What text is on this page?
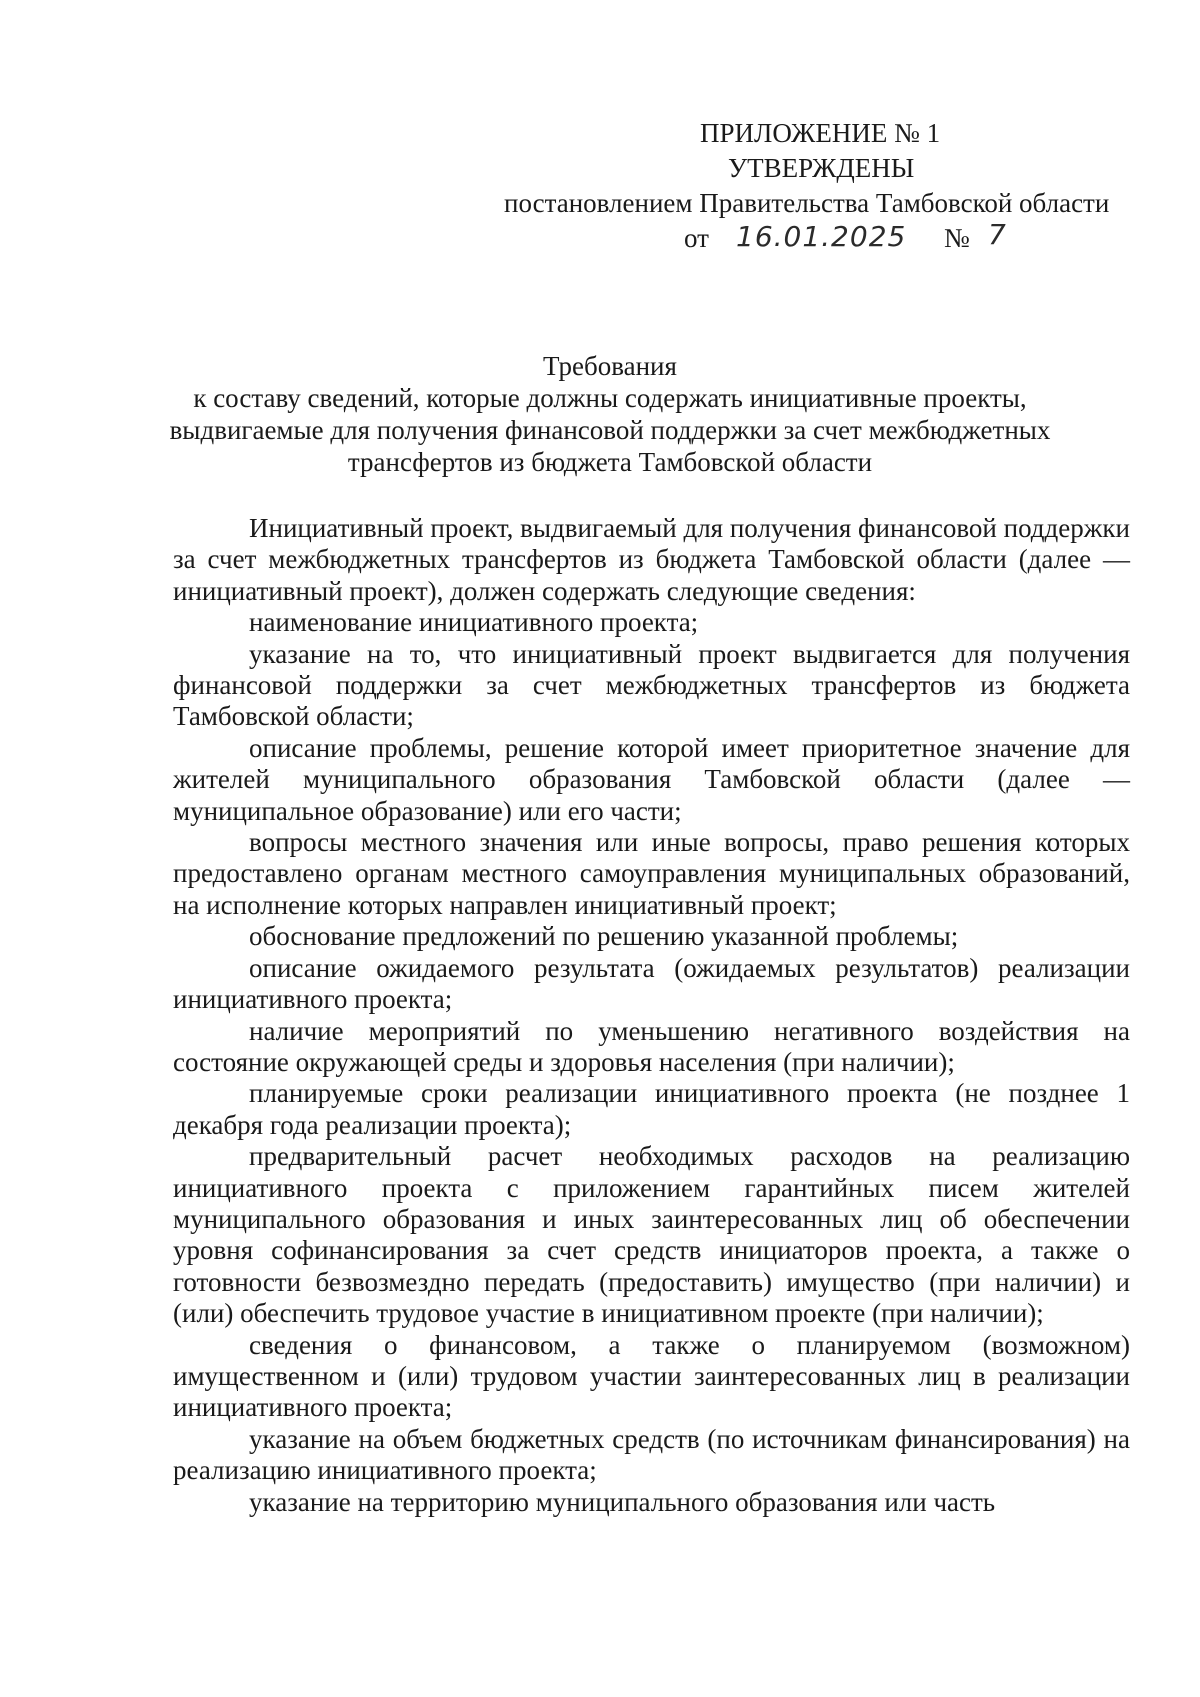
ПРИЛОЖЕНИЕ № 1
УТВЕРЖДЕНЫ
постановлением Правительства Тамбовской области
от 16.01.2025 № 7
Требования
к составу сведений, которые должны содержать инициативные проекты,
выдвигаемые для получения финансовой поддержки за счет межбюджетных
трансфертов из бюджета Тамбовской области

Инициативный проект, выдвигаемый для получения финансовой поддержки за счет межбюджетных трансфертов из бюджета Тамбовской области (далее — инициативный проект), должен содержать следующие сведения:

наименование инициативного проекта;

указание на то, что инициативный проект выдвигается для получения финансовой поддержки за счет межбюджетных трансфертов из бюджета Тамбовской области;

описание проблемы, решение которой имеет приоритетное значение для жителей муниципального образования Тамбовской области (далее — муниципальное образование) или его части;

вопросы местного значения или иные вопросы, право решения которых предоставлено органам местного самоуправления муниципальных образований, на исполнение которых направлен инициативный проект;

обоснование предложений по решению указанной проблемы;

описание ожидаемого результата (ожидаемых результатов) реализации инициативного проекта;

наличие мероприятий по уменьшению негативного воздействия на состояние окружающей среды и здоровья населения (при наличии);

планируемые сроки реализации инициативного проекта (не позднее 1 декабря года реализации проекта);

предварительный расчет необходимых расходов на реализацию инициативного проекта с приложением гарантийных писем жителей муниципального образования и иных заинтересованных лиц об обеспечении уровня софинансирования за счет средств инициаторов проекта, а также о готовности безвозмездно передать (предоставить) имущество (при наличии) и (или) обеспечить трудовое участие в инициативном проекте (при наличии);

сведения о финансовом, а также о планируемом (возможном) имущественном и (или) трудовом участии заинтересованных лиц в реализации инициативного проекта;

указание на объем бюджетных средств (по источникам финансирования) на реализацию инициативного проекта;

указание на территорию муниципального образования или часть
